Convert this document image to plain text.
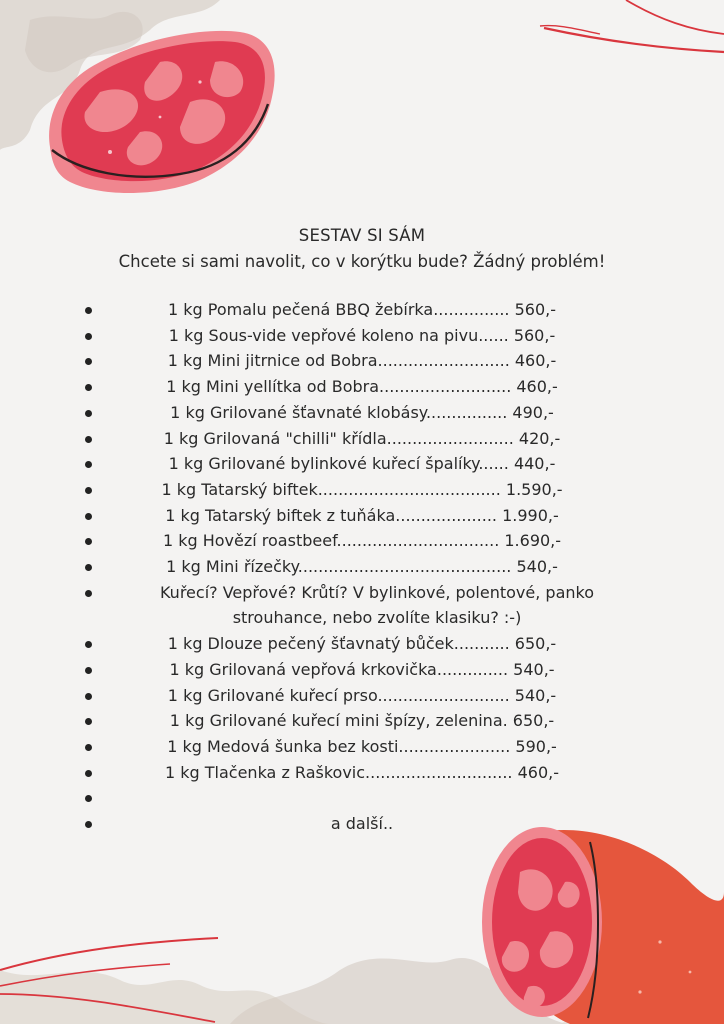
SESTAV SI SÁM
Chcete si sami navolit, co v korýtku bude? Žádný problém!
1 kg Pomalu pečená BBQ žebírka............... 560,-
1 kg Sous-vide vepřové koleno na pivu...... 560,-
1 kg Mini jitrnice od Bobra.......................... 460,-
1 kg Mini yellítka od Bobra.......................... 460,-
1 kg Grilované šťavnaté klobásy................ 490,-
1 kg Grilovaná "chilli" křídla......................... 420,-
1 kg Grilované bylinkové kuřecí špalíky...... 440,-
1 kg Tatarský biftek.................................... 1.590,-
1 kg Tatarský biftek z tuňáka.................... 1.990,-
1 kg Hovězí roastbeef................................ 1.690,-
1 kg Mini řízečky.......................................... 540,-
Kuřecí? Vepřové? Krůtí? V bylinkové, polentové, panko strouhance, nebo zvolíte klasiku? :-)
1 kg Dlouze pečený šťavnatý bůček........... 650,-
1 kg Grilovaná vepřová krkovička.............. 540,-
1 kg Grilované kuřecí prso.......................... 540,-
1 kg Grilované kuřecí mini špízy, zelenina. 650,-
1 kg Medová šunka bez kosti...................... 590,-
1 kg Tlačenka z Raškovic............................. 460,-
a další..
